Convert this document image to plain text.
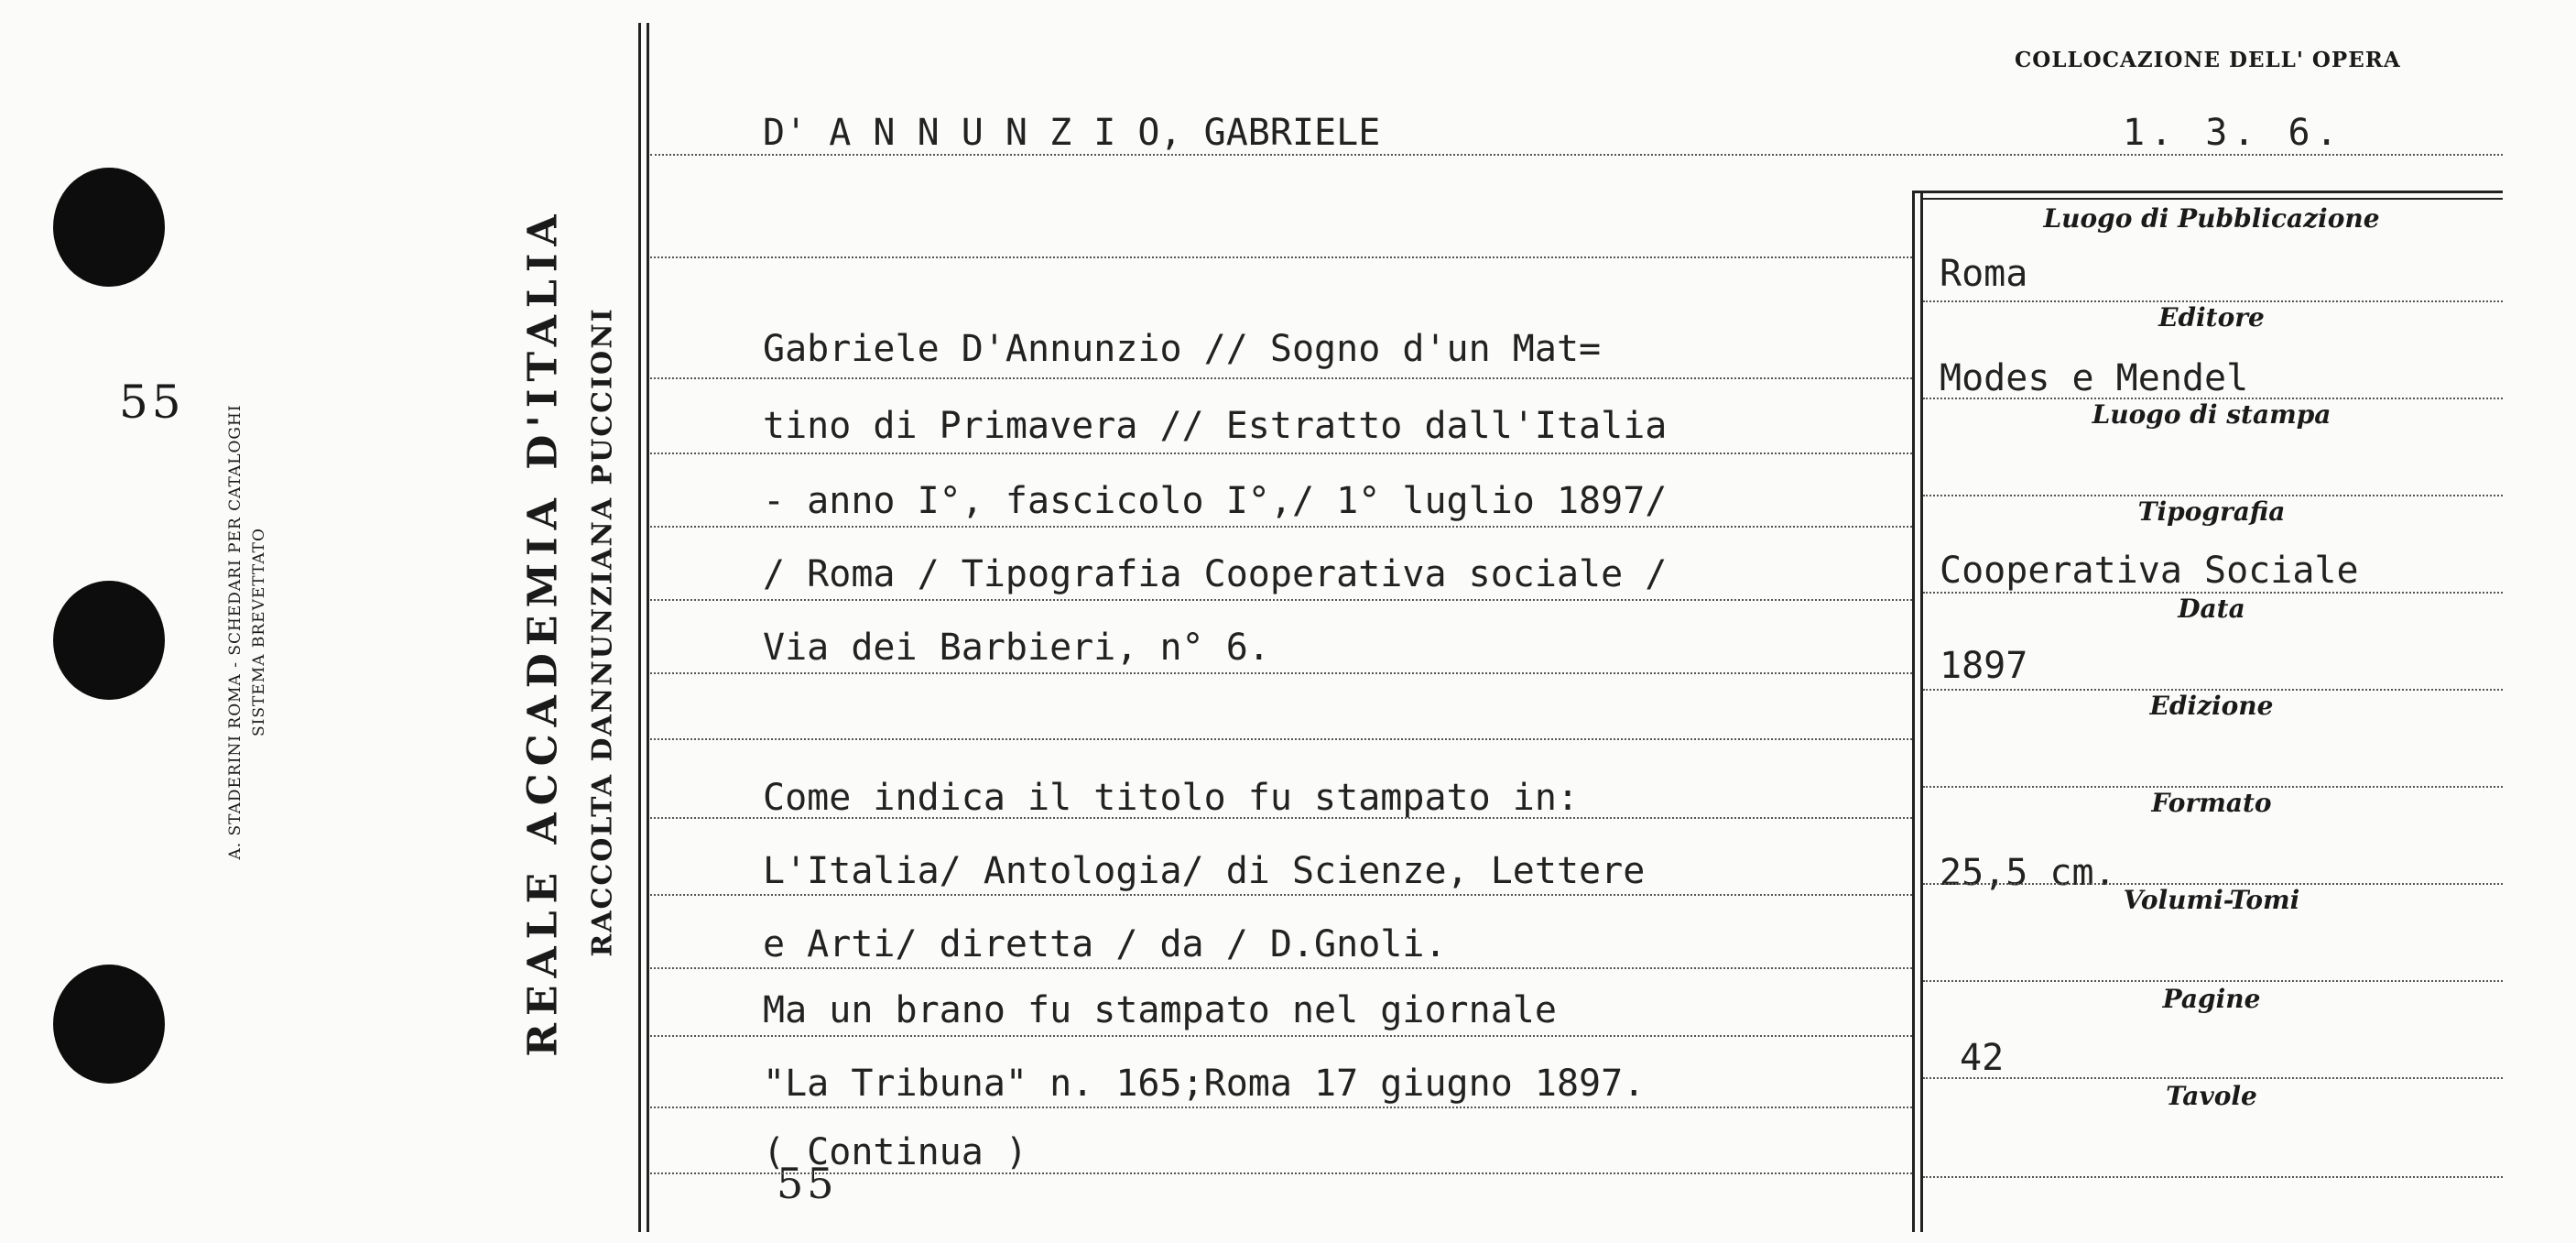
55
A. STADERINI ROMA - SCHEDARI PER CATALOGHI SISTEMA BREVETTATO	REALE ACCADEMIA D'ITALIA RACCOLTA DANNUNZIANA PUCCIONI
COLLOCAZIONE DELL' OPERA
D' A N N U N Z I O, GABRIELE	1. 3. 6.
Gabriele D'Annunzio // Sogno d'un Mat=
tino di Primavera // Estratto dall'Italia
- anno I°, fascicolo I°,/ 1° luglio 1897/
/ Roma / Tipografia Cooperativa sociale /
Via dei Barbieri, n° 6.
Come indica il titolo fu stampato in:
L'Italia/ Antologia/ di Scienze, Lettere
e Arti/ diretta / da / D.Gnoli.
Ma un brano fu stampato nel giornale
"La Tribuna" n. 165;Roma 17 giugno 1897.
( Continua )
55
Luogo di Pubblicazione
Editore
Luogo di stampa
Tipografia
Data
Edizione
Formato
Volumi-Tomi
Pagine
Tavole
Roma
Modes e Mendel
Cooperativa Sociale
1897
25,5 cm.
42
